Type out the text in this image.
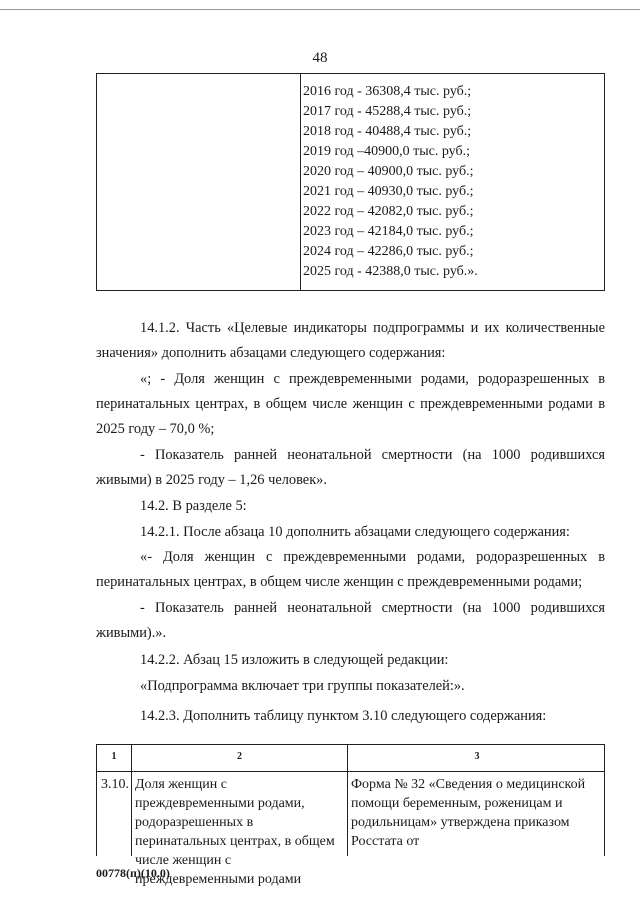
48
2016 год - 36308,4 тыс. руб.;
2017 год - 45288,4 тыс. руб.;
2018 год - 40488,4 тыс. руб.;
2019 год –40900,0 тыс. руб.;
2020 год – 40900,0 тыс. руб.;
2021 год – 40930,0 тыс. руб.;
2022 год – 42082,0 тыс. руб.;
2023 год – 42184,0 тыс. руб.;
2024 год – 42286,0 тыс. руб.;
2025 год - 42388,0 тыс. руб.».
14.1.2. Часть «Целевые индикаторы подпрограммы и их количественные значения» дополнить абзацами следующего содержания:
«; - Доля женщин с преждевременными родами, родоразрешенных в перинатальных центрах, в общем числе женщин с преждевременными родами в 2025 году – 70,0 %;
- Показатель ранней неонатальной смертности (на 1000 родившихся живыми) в 2025 году – 1,26 человек».
14.2. В разделе 5:
14.2.1. После абзаца 10 дополнить абзацами следующего содержания:
«- Доля женщин с преждевременными родами, родоразрешенных в перинатальных центрах, в общем числе женщин с преждевременными родами;
- Показатель ранней неонатальной смертности (на 1000 родившихся живыми).».
14.2.2. Абзац 15 изложить в следующей редакции:
«Подпрограмма включает три группы показателей:».
14.2.3. Дополнить таблицу пунктом 3.10 следующего содержания:
1	2	3
3.10. Доля женщин с преждевременными родами, родоразрешенных в перинатальных центрах, в общем числе женщин с преждевременными родами
Форма № 32 «Сведения о медицинской помощи беременным, роженицам и родильницам» утверждена приказом Росстата от
00778(п)(10.0)
